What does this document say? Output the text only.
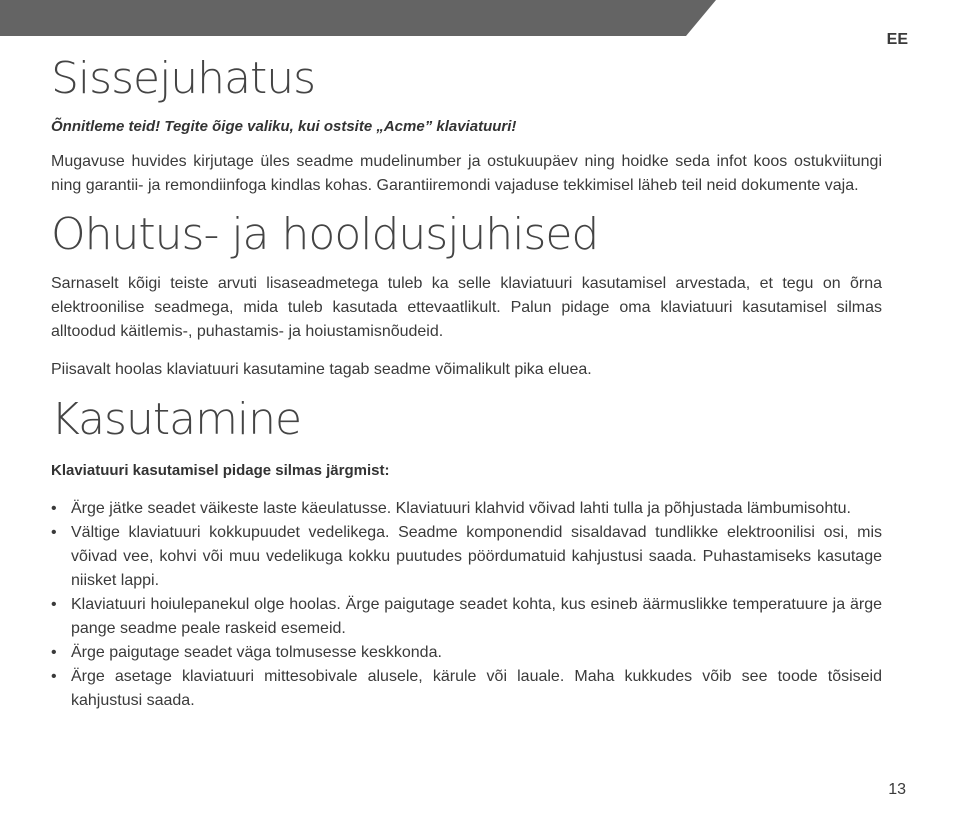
EE
Sissejuhatus
Õnnitleme teid! Tegite õige valiku, kui ostsite „Acme” klaviatuuri!

Mugavuse huvides kirjutage üles seadme mudelinumber ja ostukuupäev ning hoidke seda infot koos ostukviitungi ning garantii- ja remondiinfoga kindlas kohas. Garantiiremondi vajaduse tekkimisel läheb teil neid dokumente vaja.

Ohutus- ja hooldusjuhised

Sarnaselt kõigi teiste arvuti lisaseadmetega tuleb ka selle klaviatuuri kasutamisel arvestada, et tegu on õrna elektroonilise seadmega, mida tuleb kasutada ettevaatlikult. Palun pidage oma klaviatuuri kasutamisel silmas alltoodud käitlemis-, puhastamis- ja hoiustamisnõudeid.

Piisavalt hoolas klaviatuuri kasutamine tagab seadme võimalikult pika eluea.

Kasutamine
Klaviatuuri kasutamisel pidage silmas järgmist:
• Ärge jätke seadet väikeste laste käeulatusse. Klaviatuuri klahvid võivad lahti tulla ja põhjustada lämbumisohtu.
• Vältige klaviatuuri kokkupuudet vedelikega. Seadme komponendid sisaldavad tundlikke elektroonilisi osi, mis võivad vee, kohvi või muu vedelikuga kokku puutudes pöördumatuid kahjustusi saada. Puhastamiseks kasutage niisket lappi.
• Klaviatuuri hoiulepanekul olge hoolas. Ärge paigutage seadet kohta, kus esineb äärmuslikke temperatuure ja ärge pange seadme peale raskeid esemeid.
• Ärge paigutage seadet väga tolmusesse keskkonda.
• Ärge asetage klaviatuuri mittesobivale alusele, kärule või lauale. Maha kukkudes võib see toode tõsiseid kahjustusi saada.
13
